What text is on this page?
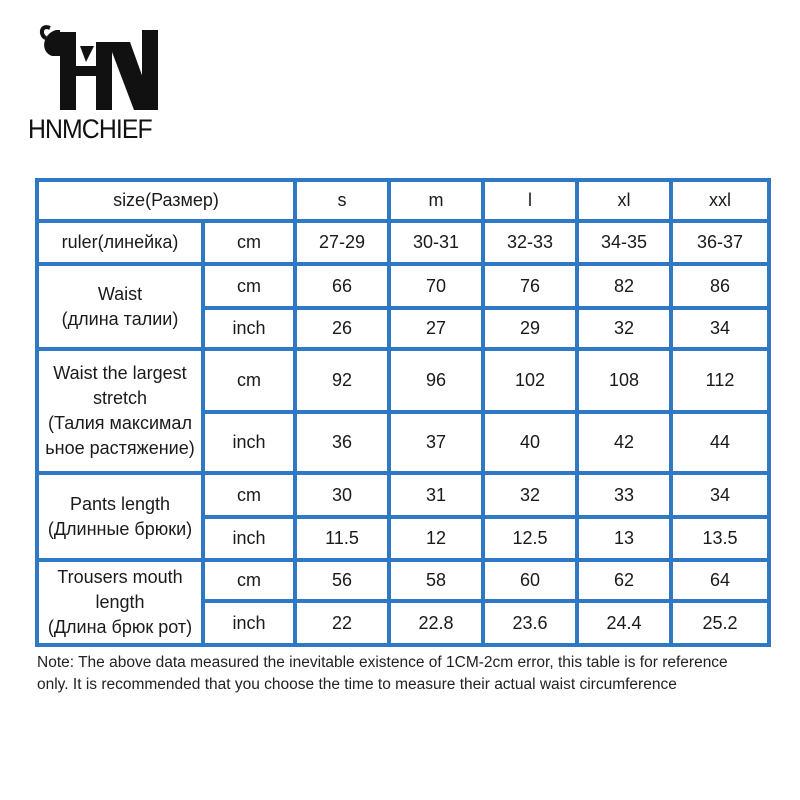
HNMCHIEF
size(Размер)		s	m	l	xl	xxl
ruler(линейка)	cm	27-29	30-31	32-33	34-35	36-37

Waist
(длина талии)	cm	66	70	76	82	86
	inch	26	27	29	32	34

Waist the largest
stretch
(Талия максимал
ьное растяжение)	cm	92	96	102	108	112
	inch	36	37	40	42	44

Pants length
(Длинные брюки)	cm	30	31	32	33	34
	inch	11.5	12	12.5	13	13.5

Trousers mouth
length
(Длина брюк рот)	cm	56	58	60	62	64
	inch	22	22.8	23.6	24.4	25.2
Note: The above data measured the inevitable existence of 1CM-2cm error, this table is for reference only. It is recommended that you choose the time to measure their actual waist circumference
